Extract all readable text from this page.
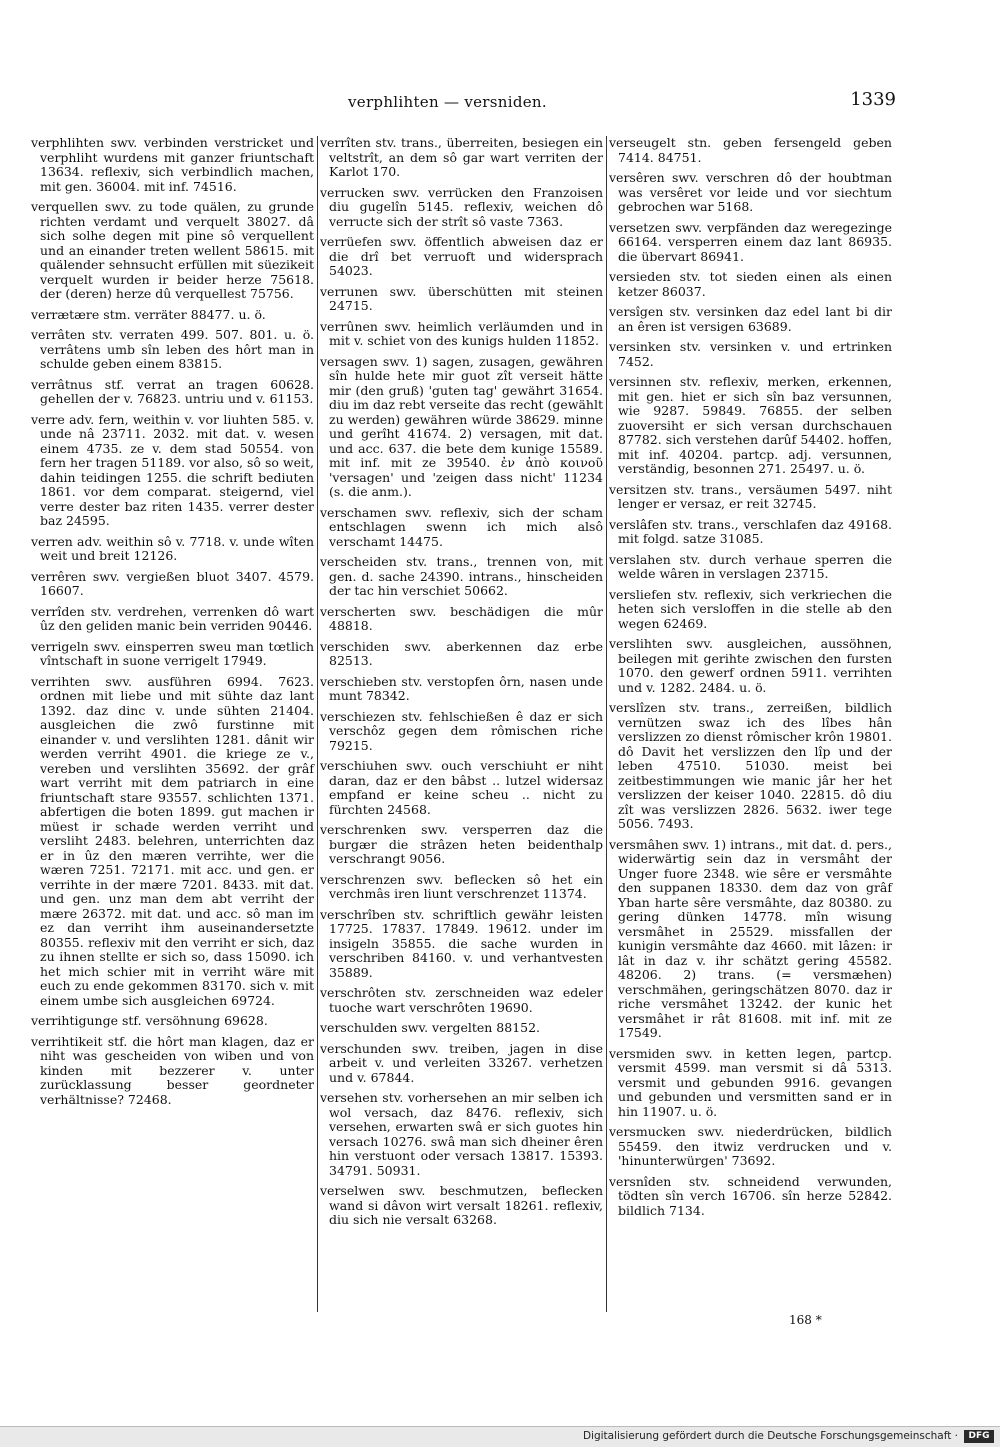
verphlihten — versniden.	1339

verphlihten swv. verbinden verstricket und verphliht wurdens mit ganzer friuntschaft 13634. reflexiv, sich verbindlich machen, mit gen. 36004. mit inf. 74516.

verquellen swv. zu tode quälen, zu grunde richten verdamt und verquelt 38027. dâ sich solhe degen mit pine sô verquellent und an einander treten wellent 58615. mit quälender sehnsucht erfüllen mit süezikeit verquelt wurden ir beider herze 75618. der (deren) herze dû verquellest 75756.

verrætære stm. verräter 88477. u. ö.

verrâten stv. verraten 499. 507. 801. u. ö. verrâtens umb sîn leben des hôrt man in schulde geben einem 83815.

verrâtnus stf. verrat an tragen 60628. gehellen der v. 76823. untriu und v. 61153.

verre adv. fern, weithin v. vor liuhten 585. v. unde nâ 23711. 2032. mit dat. v. wesen einem 4735. ze v. dem stad 50554. von fern her tragen 51189. vor also, sô so weit, dahin teidingen 1255. die schrift bediuten 1861. vor dem comparat. steigernd, viel verre dester baz riten 1435. verrer dester baz 24595.

verren adv. weithin sô v. 7718. v. unde wîten weit und breit 12126.

verrêren swv. vergießen bluot 3407. 4579. 16607.

verrîden stv. verdrehen, verrenken dô wart ûz den geliden manic bein verriden 90446.

verrigeln swv. einsperren sweu man tœtlich vîntschaft in suone verrigelt 17949.

verrihten swv. ausführen 6994. 7623. ordnen mit liebe und mit sühte daz lant 1392. daz dinc v. unde sühten 21404. ausgleichen die zwô furstinne mit einander v. und verslihten 1281. dânit wir werden verriht 4901. die kriege ze v., vereben und verslihten 35692. der grâf wart verriht mit dem patriarch in eine friuntschaft stare 93557. schlichten 1371. abfertigen die boten 1899. gut machen ir müest ir schade werden verriht und versliht 2483. belehren, unterrichten daz er in ûz den mæren verrihte, wer die wæren 7251. 72171. mit acc. und gen. er verrihte in der mære 7201. 8433. mit dat. und gen. unz man dem abt verriht der mære 26372. mit dat. und acc. sô man im ez dan verriht ihm auseinandersetzte 80355. reflexiv mit den verriht er sich, daz zu ihnen stellte er sich so, dass 15090. ich het mich schier mit in verriht wäre mit euch zu ende gekommen 83170. sich v. mit einem umbe sich ausgleichen 69724.

verrihtigunge stf. versöhnung 69628.

verrihtikeit stf. die hôrt man klagen, daz er niht was gescheiden von wiben und von kinden mit bezzerer v. unter zurücklassung besser geordneter verhältnisse? 72468.

verrîten stv. trans., überreiten, besiegen ein veltstrît, an dem sô gar wart verriten der Karlot 170.

verrucken swv. verrücken den Franzoisen diu gugelîn 5145. reflexiv, weichen dô verructe sich der strît sô vaste 7363.

verrüefen swv. öffentlich abweisen daz er die drî bet verruoft und widersprach 54023.

verrunen swv. überschütten mit steinen 24715.

verrûnen swv. heimlich verläumden und in mit v. schiet von des kunigs hulden 11852.

versagen swv. 1) sagen, zusagen, gewähren sîn hulde hete mir guot zît verseit hätte mir (den gruß) 'guten tag' gewährt 31654. diu im daz rebt verseite das recht (gewählt zu werden) gewähren würde 38629. minne und gerîht 41674. 2) versagen, mit dat. und acc. 637. die bete dem kunige 15589. mit inf. mit ze 39540. ἐν ἀπὸ κοινοῦ 'versagen' und 'zeigen dass nicht' 11234 (s. die anm.).

verschamen swv. reflexiv, sich der scham entschlagen swenn ich mich alsô verschamt 14475.

verscheiden stv. trans., trennen von, mit gen. d. sache 24390. intrans., hinscheiden der tac hin verschiet 50662.

verscherten swv. beschädigen die mûr 48818.

verschiden swv. aberkennen daz erbe 82513.

verschieben stv. verstopfen ôrn, nasen unde munt 78342.

verschiezen stv. fehlschießen ê daz er sich verschôz gegen dem rômischen riche 79215.

verschiuhen swv. ouch verschiuht er niht daran, daz er den bâbst .. lutzel widersaz empfand er keine scheu .. nicht zu fürchten 24568.

verschrenken swv. versperren daz die burgær die strâzen heten beidenthalp verschrangt 9056.

verschrenzen swv. beflecken sô het ein verchmâs iren liunt verschrenzet 11374.

verschrîben stv. schriftlich gewähr leisten 17725. 17837. 17849. 19612. under im insigeln 35855. die sache wurden in verschriben 84160. v. und verhantvesten 35889.

verschrôten stv. zerschneiden waz edeler tuoche wart verschrôten 19690.

verschulden swv. vergelten 88152.

verschunden swv. treiben, jagen in dise arbeit v. und verleiten 33267. verhetzen und v. 67844.

versehen stv. vorhersehen an mir selben ich wol versach, daz 8476. reflexiv, sich versehen, erwarten swâ er sich guotes hin versach 10276. swâ man sich dheiner êren hin verstuont oder versach 13817. 15393. 34791. 50931.

verselwen swv. beschmutzen, beflecken wand si dâvon wirt versalt 18261. reflexiv, diu sich nie versalt 63268.

verseugelt stn. geben fersengeld geben 7414. 84751.

versêren swv. verschren dô der houbtman was versêret vor leide und vor siechtum gebrochen war 5168.

versetzen swv. verpfänden daz weregezinge 66164. versperren einem daz lant 86935. die übervart 86941.

versieden stv. tot sieden einen als einen ketzer 86037.

versîgen stv. versinken daz edel lant bi dir an êren ist versigen 63689.

versinken stv. versinken v. und ertrinken 7452.

versinnen stv. reflexiv, merken, erkennen, mit gen. hiet er sich sîn baz versunnen, wie 9287. 59849. 76855. der selben zuoversiht er sich versan durchschauen 87782. sich verstehen darûf 54402. hoffen, mit inf. 40204. partcp. adj. versunnen, verständig, besonnen 271. 25497. u. ö.

versitzen stv. trans., versäumen 5497. niht lenger er versaz, er reit 32745.

verslâfen stv. trans., verschlafen daz 49168. mit folgd. satze 31085.

verslahen stv. durch verhaue sperren die welde wâren in verslagen 23715.

versliefen stv. reflexiv, sich verkriechen die heten sich versloffen in die stelle ab den wegen 62469.

verslihten swv. ausgleichen, aussöhnen, beilegen mit gerihte zwischen den fursten 1070. den gewerf ordnen 5911. verrihten und v. 1282. 2484. u. ö.

verslîzen stv. trans., zerreißen, bildlich vernützen swaz ich des lîbes hân verslizzen zo dienst rômischer krôn 19801. dô Davit het verslizzen den lîp und der leben 47510. 51030. meist bei zeitbestimmungen wie manic jâr her het verslizzen der keiser 1040. 22815. dô diu zît was verslizzen 2826. 5632. iwer tege 5056. 7493.

versmâhen swv. 1) intrans., mit dat. d. pers., widerwärtig sein daz in versmâht der Unger fuore 2348. wie sêre er versmâhte den suppanen 18330. dem daz von grâf Yban harte sêre versmâhte, daz 80380. zu gering dünken 14778. mîn wisung versmâhet in 25529. missfallen der kunigin versmâhte daz 4660. mit lâzen: ir lât in daz v. ihr schätzt gering 45582. 48206. 2) trans. (= versmæhen) verschmähen, geringschätzen 8070. daz ir riche versmâhet 13242. der kunic het versmâhet ir rât 81608. mit inf. mit ze 17549.

versmiden swv. in ketten legen, partcp. versmit 4599. man versmit si dâ 5313. versmit und gebunden 9916. gevangen und gebunden und versmitten sand er in hin 11907. u. ö.

versmucken swv. niederdrücken, bildlich 55459. den itwiz verdrucken und v. 'hinunterwürgen' 73692.

versnîden stv. schneidend verwunden, tödten sîn verch 16706. sîn herze 52842. bildlich 7134.

168 *
Digitalisierung gefördert durch die Deutsche Forschungsgemeinschaft ·	DFG
